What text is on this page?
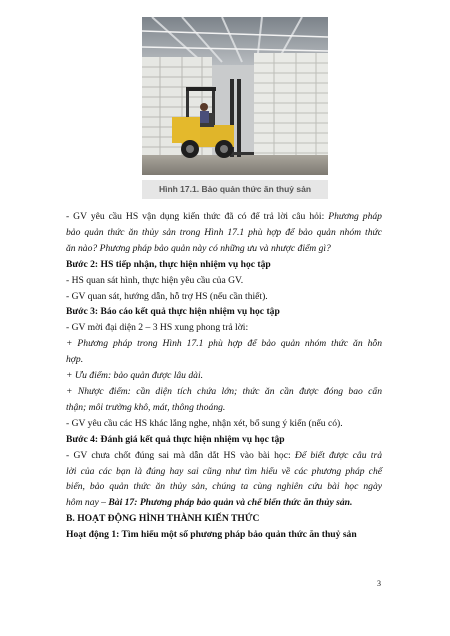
Hình 17.1. Bảo quản thức ăn thuỷ sản
- GV yêu cầu HS vận dụng kiến thức đã có để trả lời câu hỏi: Phương pháp
bảo quản thức ăn thủy sản trong Hình 17.1 phù hợp để bảo quản nhóm thức
ăn nào? Phương pháp bảo quản này có những ưu và nhược điểm gì?
Bước 2: HS tiếp nhận, thực hiện nhiệm vụ học tập
- HS quan sát hình, thực hiện yêu cầu của GV.
- GV quan sát, hướng dẫn, hỗ trợ HS (nếu cần thiết).
Bước 3: Báo cáo kết quả thực hiện nhiệm vụ học tập
- GV mời đại diện 2 – 3 HS xung phong trả lời:
+ Phương pháp trong Hình 17.1 phù hợp để bảo quản nhóm thức ăn hỗn
hợp.
+ Ưu điểm: bảo quản được lâu dài.
+ Nhược điểm: cần diện tích chứa lớn; thức ăn cần được đóng bao cẩn
thận; môi trường khô, mát, thông thoáng.
- GV yêu cầu các HS khác lắng nghe, nhận xét, bổ sung ý kiến (nếu có).
Bước 4: Đánh giá kết quả thực hiện nhiệm vụ học tập
- GV chưa chốt đúng sai mà dẫn dắt HS vào bài học: Để biết được câu trả
lời của các bạn là đúng hay sai cũng như tìm hiểu về các phương pháp chế
biến, bảo quản thức ăn thủy sản, chúng ta cùng nghiên cứu bài học ngày
hôm nay – Bài 17: Phương pháp bảo quản và chế biến thức ăn thủy sản.
B. HOẠT ĐỘNG HÌNH THÀNH KIẾN THỨC
Hoạt động 1: Tìm hiểu một số phương pháp bảo quản thức ăn thuỷ sản
3
